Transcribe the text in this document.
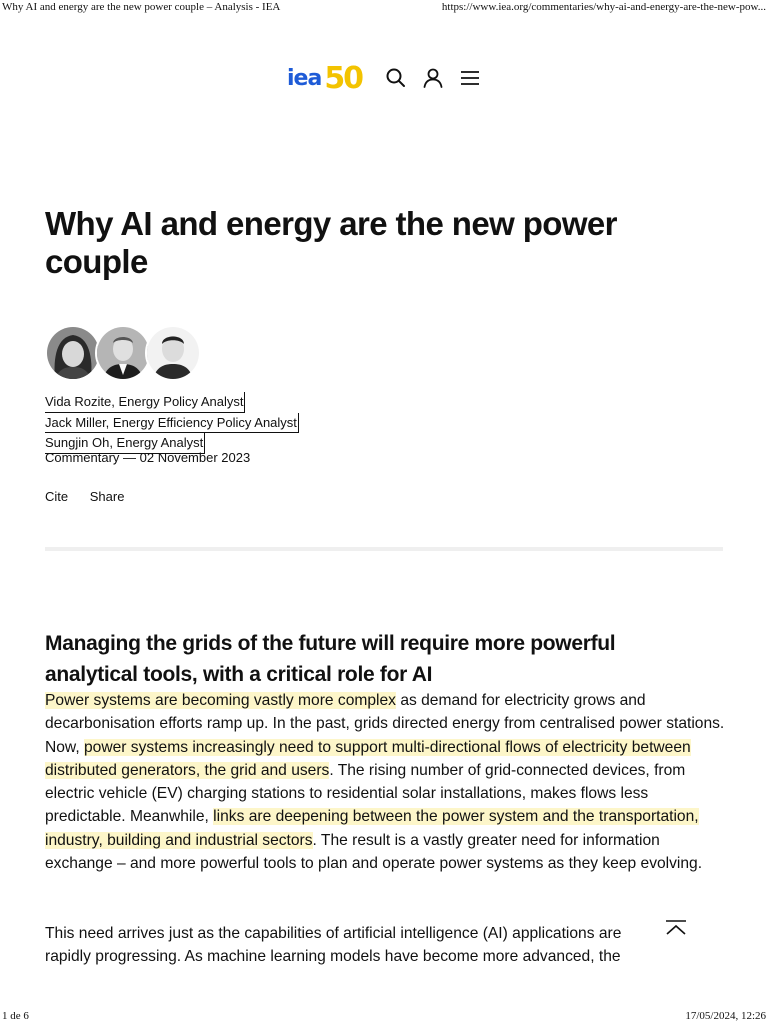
Why AI and energy are the new power couple – Analysis - IEA	https://www.iea.org/commentaries/why-ai-and-energy-are-the-new-pow...
iea 50
Why AI and energy are the new power couple
Vida Rozite, Energy Policy Analyst
Jack Miller, Energy Efficiency Policy Analyst
Sungjin Oh, Energy Analyst
Commentary — 02 November 2023
Cite Share
Managing the grids of the future will require more powerful analytical tools, with a critical role for AI

Power systems are becoming vastly more complex as demand for electricity grows and decarbonisation efforts ramp up. In the past, grids directed energy from centralised power stations. Now, power systems increasingly need to support multi-directional flows of electricity between distributed generators, the grid and users. The rising number of grid-connected devices, from electric vehicle (EV) charging stations to residential solar installations, makes flows less predictable. Meanwhile, links are deepening between the power system and the transportation, industry, building and industrial sectors. The result is a vastly greater need for information exchange – and more powerful tools to plan and operate power systems as they keep evolving.

This need arrives just as the capabilities of artificial intelligence (AI) applications are rapidly progressing. As machine learning models have become more advanced, the

1 de 6	17/05/2024, 12:26
